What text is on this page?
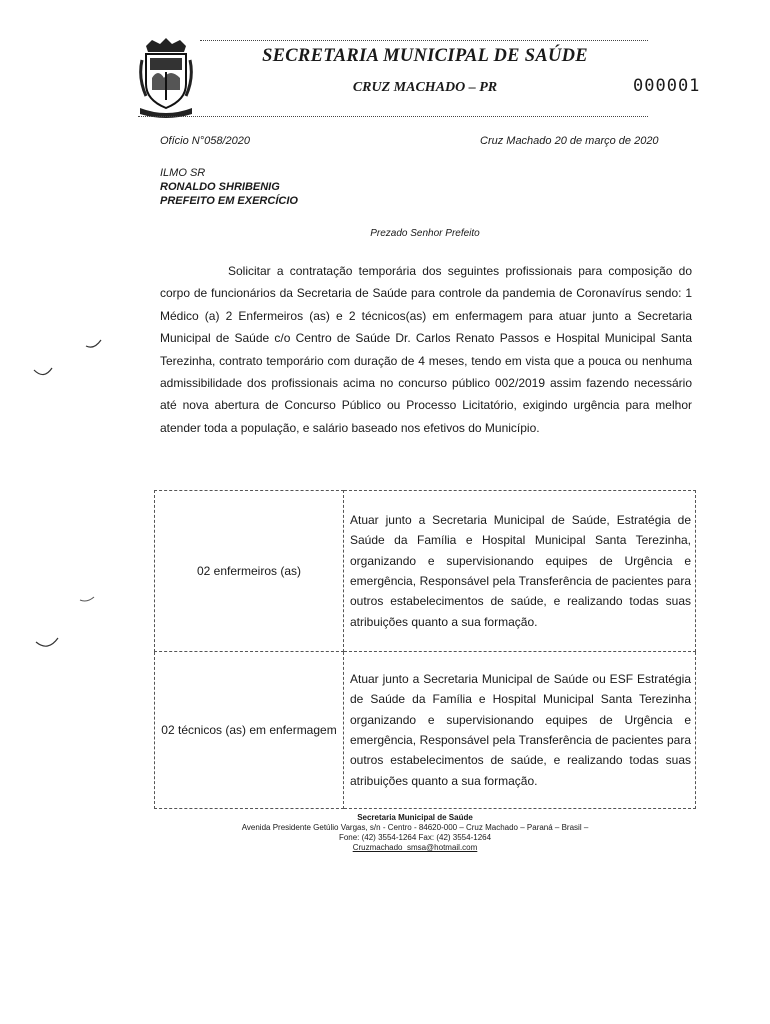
SECRETARIA MUNICIPAL DE SAÚDE
CRUZ MACHADO – PR	000001
Ofício N°058/2020	Cruz Machado 20 de março de 2020
ILMO SR
RONALDO SHRIBENIG
PREFEITO EM EXERCÍCIO
Prezado Senhor Prefeito
Solicitar a contratação temporária dos seguintes profissionais para composição do corpo de funcionários da Secretaria de Saúde para controle da pandemia de Coronavírus sendo: 1 Médico (a) 2 Enfermeiros (as) e 2 técnicos(as) em enfermagem para atuar junto a Secretaria Municipal de Saúde c/o Centro de Saúde Dr. Carlos Renato Passos e Hospital Municipal Santa Terezinha, contrato temporário com duração de 4 meses, tendo em vista que a pouca ou nenhuma admissibilidade dos profissionais acima no concurso público 002/2019 assim fazendo necessário até nova abertura de Concurso Público ou Processo Licitatório, exigindo urgência para melhor atender toda a população, e salário baseado nos efetivos do Município.
02 enfermeiros (as)	Atuar junto a Secretaria Municipal de Saúde, Estratégia de Saúde da Família e Hospital Municipal Santa Terezinha, organizando e supervisionando equipes de Urgência e emergência, Responsável pela Transferência de pacientes para outros estabelecimentos de saúde, e realizando todas suas atribuições quanto a sua formação.
02 técnicos (as) em enfermagem	Atuar junto a Secretaria Municipal de Saúde ou ESF Estratégia de Saúde da Família e Hospital Municipal Santa Terezinha organizando e supervisionando equipes de Urgência e emergência, Responsável pela Transferência de pacientes para outros estabelecimentos de saúde, e realizando todas suas atribuições quanto a sua formação.
Secretaria Municipal de Saúde
Avenida Presidente Getúlio Vargas, s/n - Centro - 84620-000 – Cruz Machado – Paraná – Brasil –
Fone: (42) 3554-1264 Fax: (42) 3554-1264
Cruzmachado_smsa@hotmail.com
